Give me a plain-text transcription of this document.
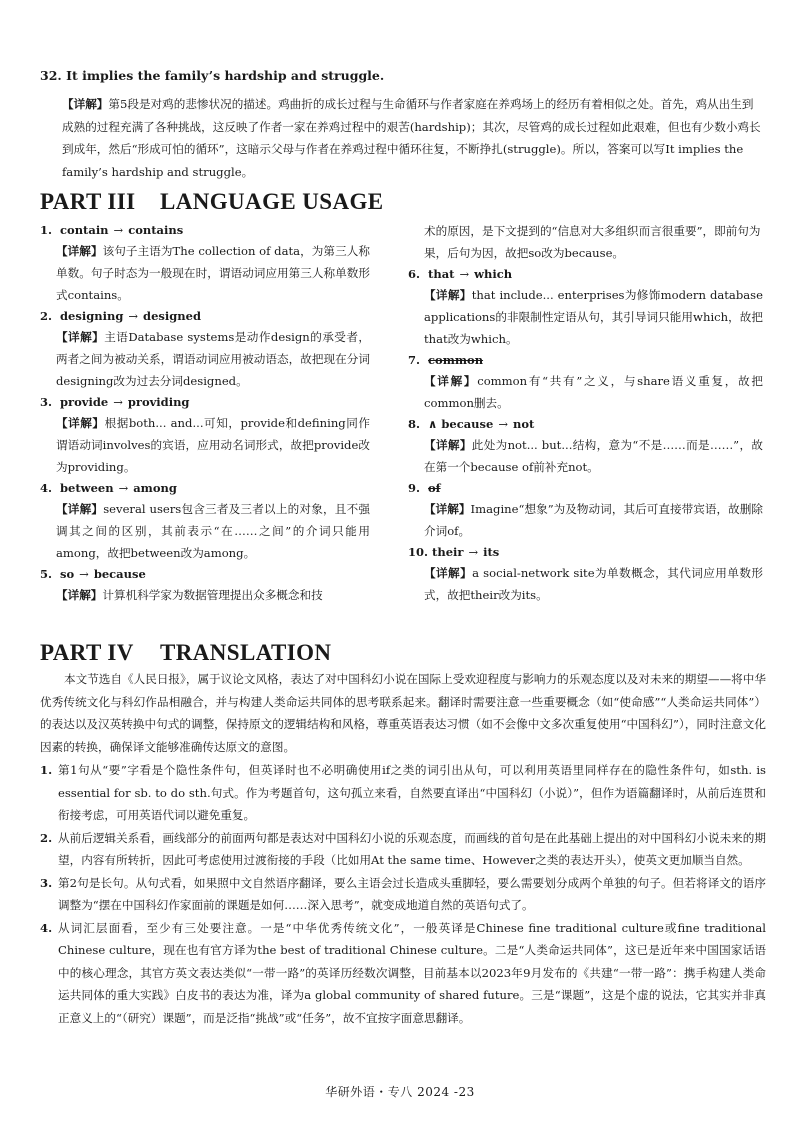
32. It implies the family’s hardship and struggle.
【详解】第5段是对鸡的悲惨状况的描述。鸡曲折的成长过程与生命循环与作者家庭在养鸡场上的经历有着相似之处。首先，鸡从出生到成熟的过程充满了各种挑战，这反映了作者一家在养鸡过程中的艰苦(hardship)；其次，尽管鸡的成长过程如此艰难，但也有少数小鸡长到成年，然后“形成可怕的循环”，这暗示父母与作者在养鸡过程中循环往复，不断挣扎(struggle)。所以，答案可以写It implies the family’s hardship and struggle。
PART III LANGUAGE USAGE
1. contain → contains
【详解】该句子主语为The collection of data，为第三人称单数。句子时态为一般现在时，谓语动词应用第三人称单数形式contains。
2. designing → designed
【详解】主语Database systems是动作design的承受者，两者之间为被动关系，谓语动词应用被动语态，故把现在分词designing改为过去分词designed。
3. provide → providing
【详解】根据both... and...可知，provide和defining同作谓语动词involves的宾语，应用动名词形式，故把provide改为providing。
4. between → among
【详解】several users包含三者及三者以上的对象，且不强调其之间的区别，其前表示“在……之间”的介词只能用among，故把between改为among。
5. so → because
【详解】计算机科学家为数据管理提出众多概念和技
术的原因，是下文提到的“信息对大多组织而言很重要”，即前句为果，后句为因，故把so改为because。
6. that → which
【详解】that include... enterprises为修饰modern database applications的非限制性定语从句，其引导词只能用which，故把that改为which。
7. common
【详解】common有“共有”之义，与share语义重复，故把common删去。
8. ∧ because → not
【详解】此处为not... but...结构，意为“不是……而是……”，故在第一个because of前补充not。
9. of
【详解】Imagine“想象”为及物动词，其后可直接带宾语，故删除介词of。
10. their → its
【详解】a social-network site为单数概念，其代词应用单数形式，故把their改为its。
PART IV TRANSLATION

本文节选自《人民日报》，属于议论文风格，表达了对中国科幻小说在国际上受欢迎程度与影响力的乐观态度以及对未来的期望——将中华优秀传统文化与科幻作品相融合，并与构建人类命运共同体的思考联系起来。翻译时需要注意一些重要概念（如“使命感”“人类命运共同体”）的表达以及汉英转换中句式的调整，保持原文的逻辑结构和风格，尊重英语表达习惯（如不会像中文多次重复使用“中国科幻”），同时注意文化因素的转换，确保译文能够准确传达原文的意图。

1. 第1句从“要”字看是个隐性条件句，但英译时也不必明确使用if之类的词引出从句，可以利用英语里同样存在的隐性条件句，如sth. is essential for sb. to do sth.句式。作为考题首句，这句孤立来看，自然要直译出“中国科幻（小说）”，但作为语篇翻译时，从前后连贯和衔接考虑，可用英语代词以避免重复。
2. 从前后逻辑关系看，画线部分的前面两句都是表达对中国科幻小说的乐观态度，而画线的首句是在此基础上提出的对中国科幻小说未来的期望，内容有所转折，因此可考虑使用过渡衔接的手段（比如用At the same time、However之类的表达开头），使英文更加顺当自然。
3. 第2句是长句。从句式看，如果照中文自然语序翻译，要么主语会过长造成头重脚轻，要么需要划分成两个单独的句子。但若将译文的语序调整为“摆在中国科幻作家面前的课题是如何……深入思考”，就变成地道自然的英语句式了。
4. 从词汇层面看，至少有三处要注意。一是“中华优秀传统文化”，一般英译是Chinese fine traditional culture或fine traditional Chinese culture，现在也有官方译为the best of traditional Chinese culture。二是“人类命运共同体”，这已是近年来中国国家话语中的核心理念，其官方英文表达类似“一带一路”的英译历经数次调整，目前基本以2023年9月发布的《共建“一带一路”：携手构建人类命运共同体的重大实践》白皮书的表达为准，译为a global community of shared future。三是“课题”，这是个虚的说法，它其实并非真正意义上的“（研究）课题”，而是泛指“挑战”或“任务”，故不宜按字面意思翻译。
华研外语・专八 2024 -23
